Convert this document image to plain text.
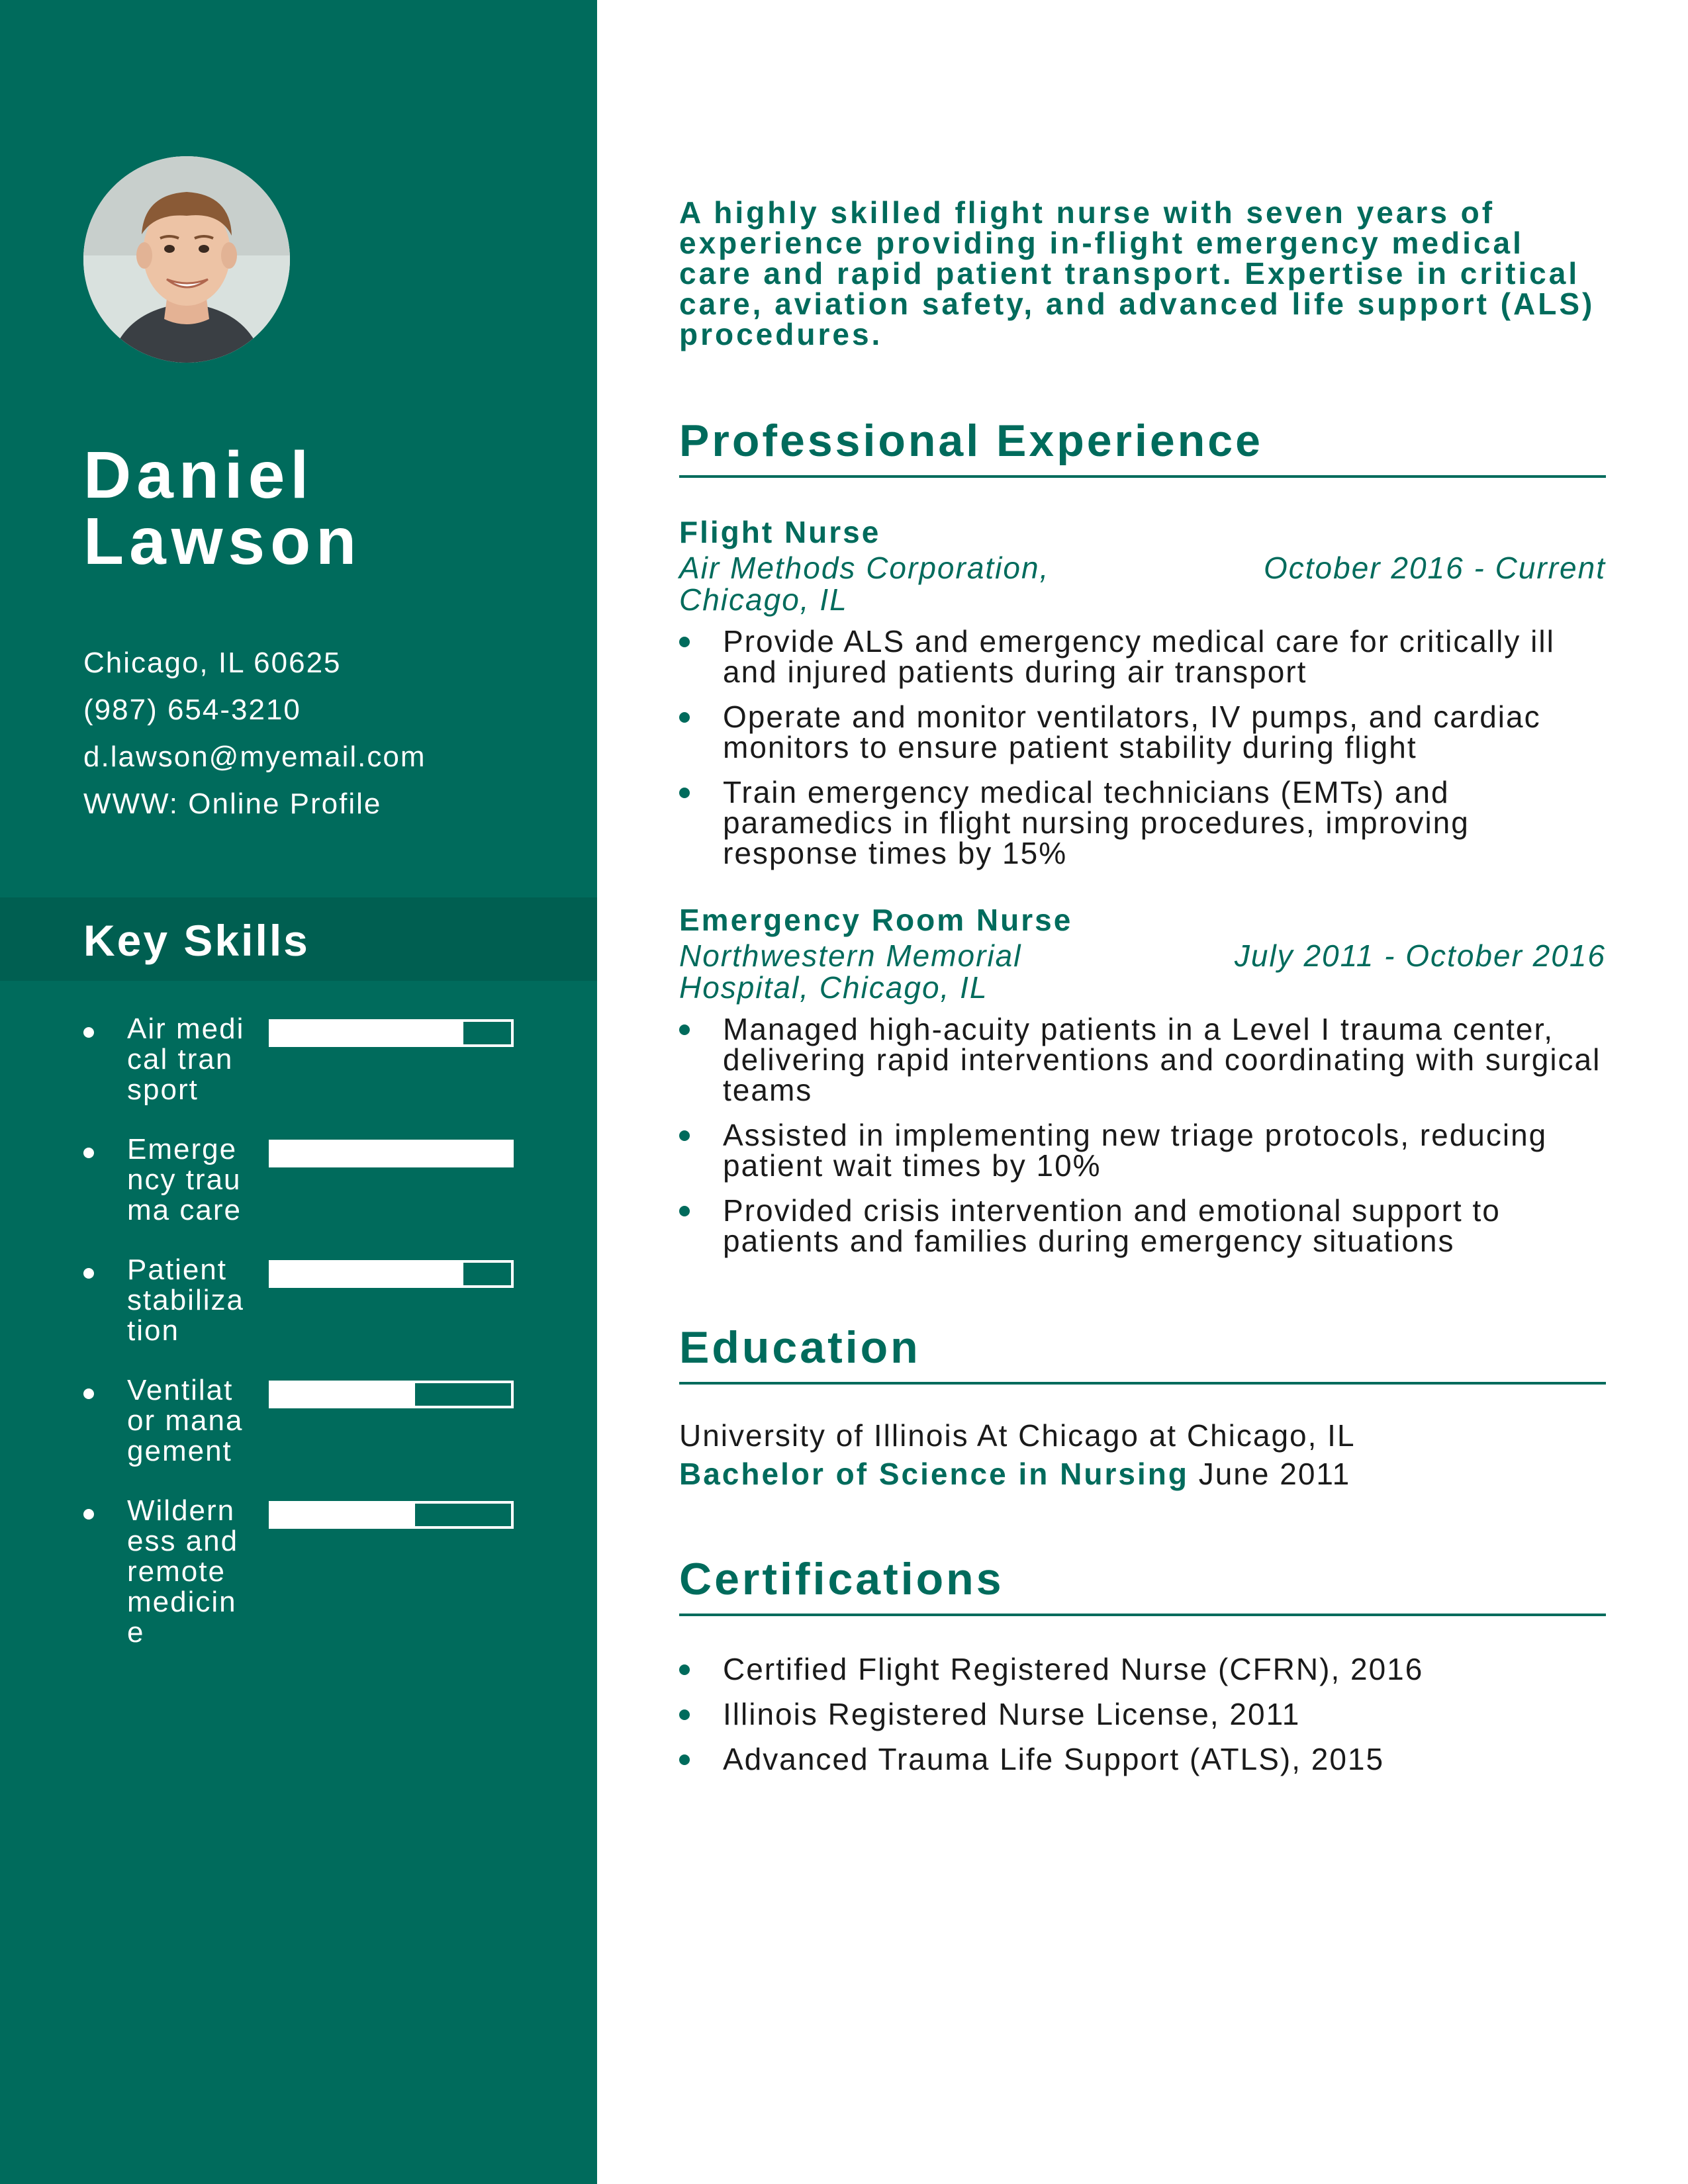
Daniel
Lawson
Chicago, IL 60625
(987) 654-3210
d.lawson@myemail.com
WWW: Online Profile
Key Skills
Air medical transport
Emergency trauma care
Patient stabilization
Ventilator management
Wilderness and remote medicine

A highly skilled flight nurse with seven years of experience providing in-flight emergency medical care and rapid patient transport. Expertise in critical care, aviation safety, and advanced life support (ALS) procedures.

Professional Experience
Flight Nurse
Air Methods Corporation, Chicago, IL
October 2016 - Current
Provide ALS and emergency medical care for critically ill and injured patients during air transport
Operate and monitor ventilators, IV pumps, and cardiac monitors to ensure patient stability during flight
Train emergency medical technicians (EMTs) and paramedics in flight nursing procedures, improving response times by 15%
Emergency Room Nurse
Northwestern Memorial Hospital, Chicago, IL
July 2011 - October 2016
Managed high-acuity patients in a Level I trauma center, delivering rapid interventions and coordinating with surgical teams
Assisted in implementing new triage protocols, reducing patient wait times by 10%
Provided crisis intervention and emotional support to patients and families during emergency situations
Education
University of Illinois At Chicago at Chicago, IL
Bachelor of Science in Nursing June 2011
Certifications
Certified Flight Registered Nurse (CFRN), 2016
Illinois Registered Nurse License, 2011
Advanced Trauma Life Support (ATLS), 2015
